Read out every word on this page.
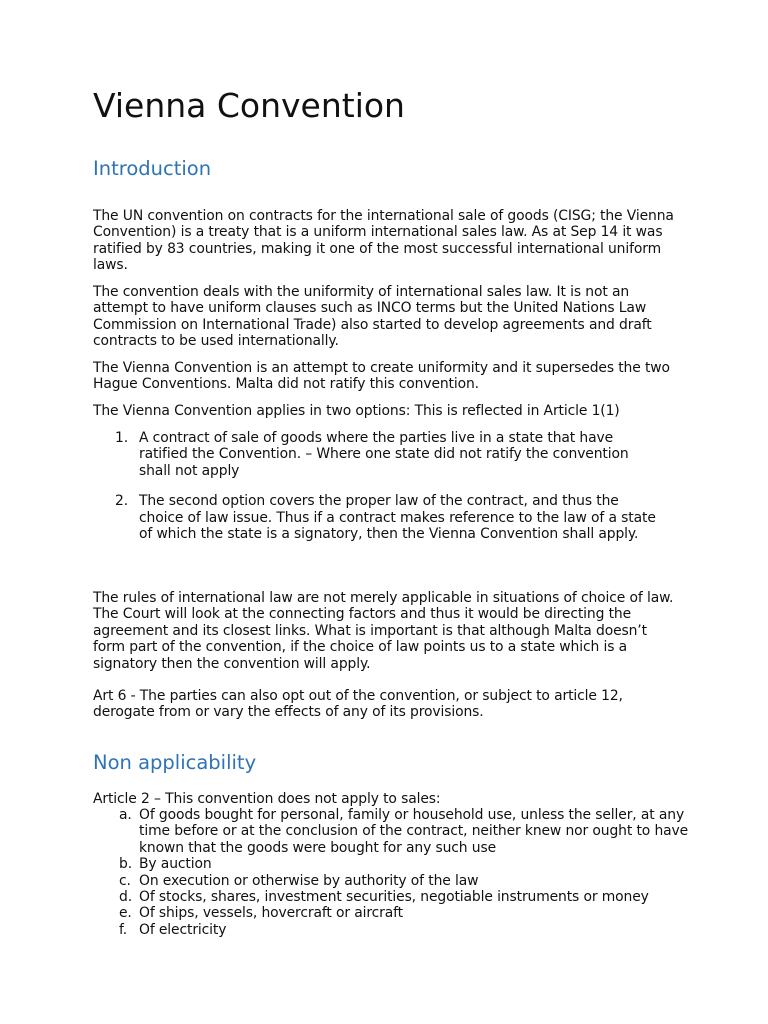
Vienna Convention
Introduction

The UN convention on contracts for the international sale of goods (CISG; the Vienna Convention) is a treaty that is a uniform international sales law. As at Sep 14 it was ratified by 83 countries, making it one of the most successful international uniform laws.

The convention deals with the uniformity of international sales law. It is not an attempt to have uniform clauses such as INCO terms but the United Nations Law Commission on International Trade) also started to develop agreements and draft contracts to be used internationally.

The Vienna Convention is an attempt to create uniformity and it supersedes the two Hague Conventions. Malta did not ratify this convention.

The Vienna Convention applies in two options: This is reflected in Article 1(1)

1. A contract of sale of goods where the parties live in a state that have ratified the Convention. – Where one state did not ratify the convention shall not apply
2. The second option covers the proper law of the contract, and thus the choice of law issue. Thus if a contract makes reference to the law of a state of which the state is a signatory, then the Vienna Convention shall apply.

The rules of international law are not merely applicable in situations of choice of law. The Court will look at the connecting factors and thus it would be directing the agreement and its closest links. What is important is that although Malta doesn’t form part of the convention, if the choice of law points us to a state which is a signatory then the convention will apply.

Art 6 - The parties can also opt out of the convention, or subject to article 12, derogate from or vary the effects of any of its provisions.

Non applicability

Article 2 – This convention does not apply to sales:

a. Of goods bought for personal, family or household use, unless the seller, at any time before or at the conclusion of the contract, neither knew nor ought to have known that the goods were bought for any such use
b. By auction
c. On execution or otherwise by authority of the law
d. Of stocks, shares, investment securities, negotiable instruments or money
e. Of ships, vessels, hovercraft or aircraft
f. Of electricity
